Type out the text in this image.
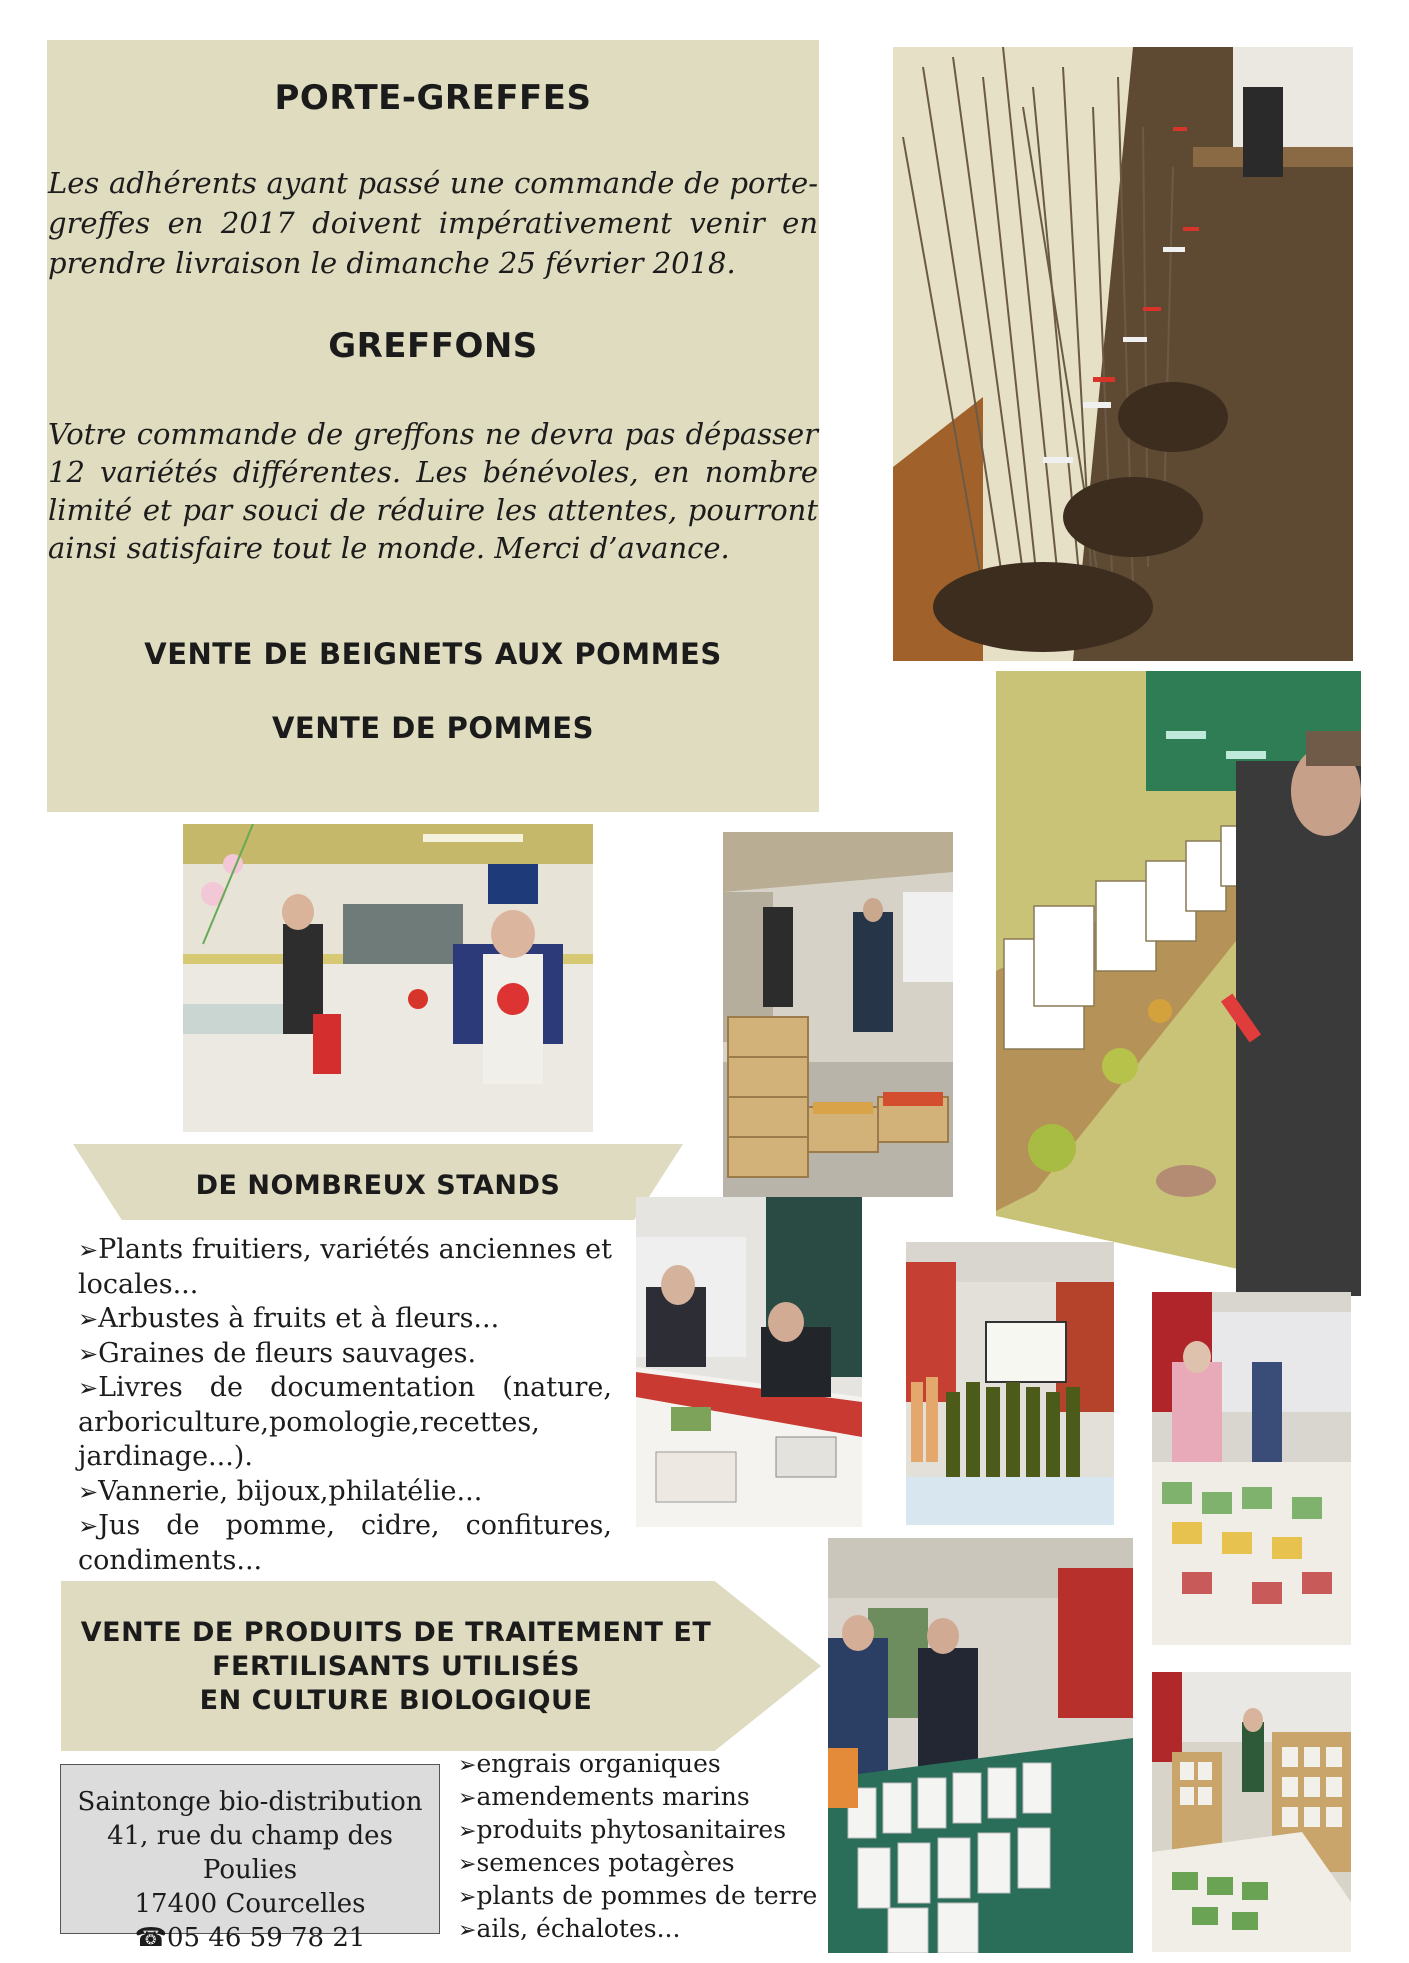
PORTE-GREFFES
Les adhérents ayant passé une commande de porte-greffes en 2017 doivent impérativement venir en prendre livraison le dimanche 25 février 2018.
GREFFONS
Votre commande de greffons ne devra pas dépasser 12 variétés différentes. Les bénévoles, en nombre limité et par souci de réduire les attentes, pourront ainsi satisfaire tout le monde. Merci d’avance.
VENTE DE BEIGNETS AUX POMMES
VENTE DE POMMES
DE NOMBREUX STANDS
➢Plants fruitiers, variétés anciennes et locales...
➢Arbustes à fruits et à fleurs...
➢Graines de fleurs sauvages.
➢Livres de documentation (nature, arboriculture,pomologie,recettes, jardinage...).
➢Vannerie, bijoux,philatélie...
➢Jus de pomme, cidre, confitures, condiments...
VENTE DE PRODUITS DE TRAITEMENT ET
FERTILISANTS UTILISÉS
EN CULTURE BIOLOGIQUE
Saintonge bio-distribution
41, rue du champ des Poulies
17400 Courcelles
☎05 46 59 78 21
➢engrais organiques
➢amendements marins
➢produits phytosanitaires
➢semences potagères
➢plants de pommes de terre
➢ails, échalotes...
